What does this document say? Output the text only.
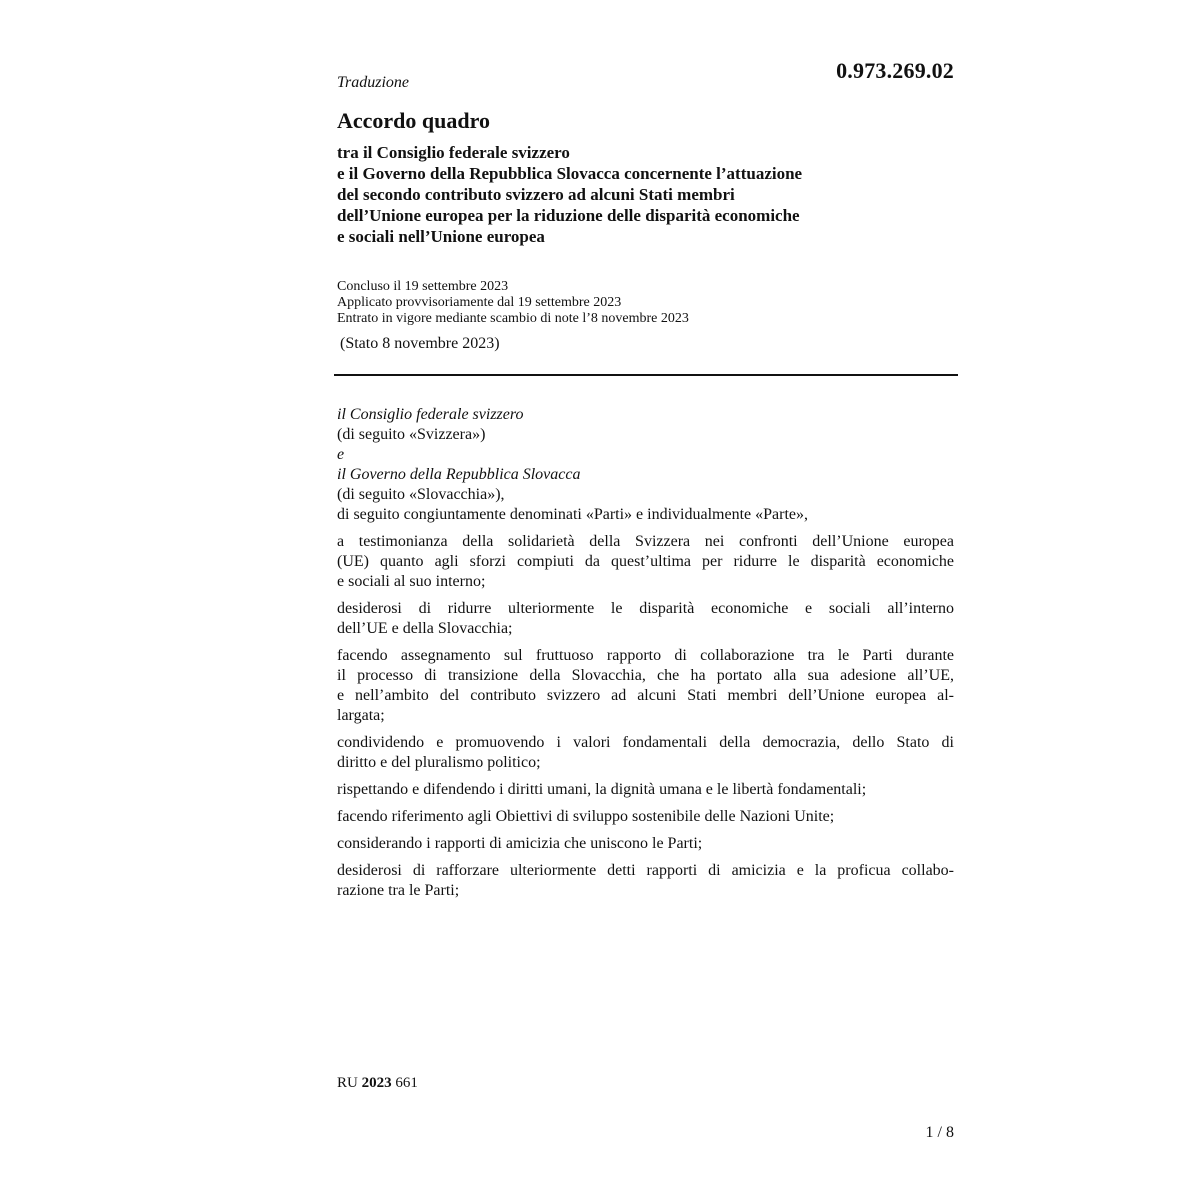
0.973.269.02
Traduzione
Accordo quadro
tra il Consiglio federale svizzero
e il Governo della Repubblica Slovacca concernente l’attuazione
del secondo contributo svizzero ad alcuni Stati membri
dell’Unione europea per la riduzione delle disparità economiche
e sociali nell’Unione europea
Concluso il 19 settembre 2023
Applicato provvisoriamente dal 19 settembre 2023
Entrato in vigore mediante scambio di note l’8 novembre 2023
(Stato 8 novembre 2023)
il Consiglio federale svizzero
(di seguito «Svizzera»)
e
il Governo della Repubblica Slovacca
(di seguito «Slovacchia»),
di seguito congiuntamente denominati «Parti» e individualmente «Parte»,
a testimonianza della solidarietà della Svizzera nei confronti dell’Unione europea
(UE) quanto agli sforzi compiuti da quest’ultima per ridurre le disparità economiche
e sociali al suo interno;
desiderosi di ridurre ulteriormente le disparità economiche e sociali all’interno
dell’UE e della Slovacchia;
facendo assegnamento sul fruttuoso rapporto di collaborazione tra le Parti durante
il processo di transizione della Slovacchia, che ha portato alla sua adesione all’UE,
e nell’ambito del contributo svizzero ad alcuni Stati membri dell’Unione europea al-
largata;
condividendo e promuovendo i valori fondamentali della democrazia, dello Stato di
diritto e del pluralismo politico;
rispettando e difendendo i diritti umani, la dignità umana e le libertà fondamentali;
facendo riferimento agli Obiettivi di sviluppo sostenibile delle Nazioni Unite;
considerando i rapporti di amicizia che uniscono le Parti;
desiderosi di rafforzare ulteriormente detti rapporti di amicizia e la proficua collabo-
razione tra le Parti;
RU 2023 661
1 / 8
